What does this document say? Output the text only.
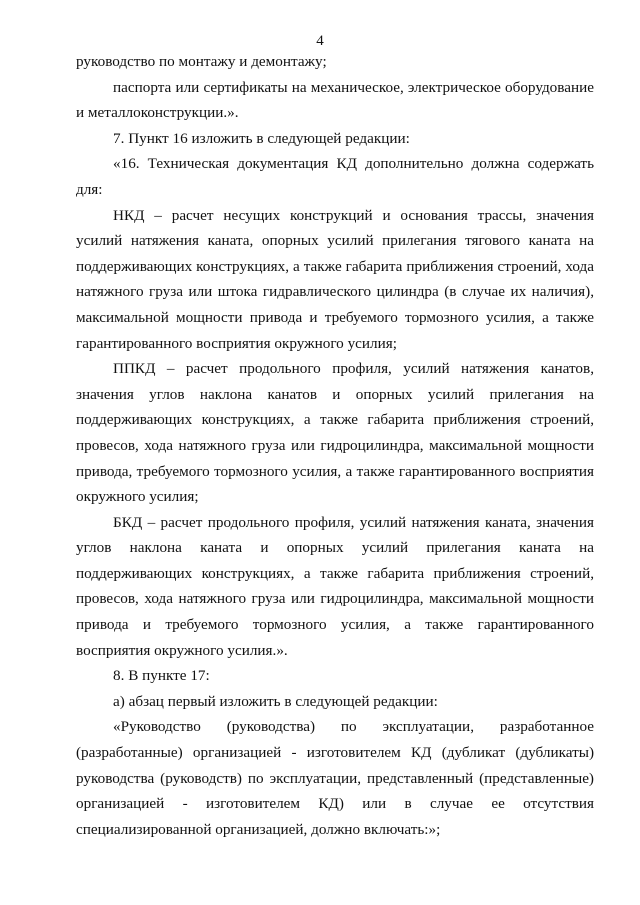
4

руководство по монтажу и демонтажу;

паспорта или сертификаты на механическое, электрическое оборудование и металлоконструкции.».

7. Пункт 16 изложить в следующей редакции:

«16. Техническая документация КД дополнительно должна содержать для:

НКД – расчет несущих конструкций и основания трассы, значения усилий натяжения каната, опорных усилий прилегания тягового каната на поддерживающих конструкциях, а также габарита приближения строений, хода натяжного груза или штока гидравлического цилиндра (в случае их наличия), максимальной мощности привода и требуемого тормозного усилия, а также гарантированного восприятия окружного усилия;

ППКД – расчет продольного профиля, усилий натяжения канатов, значения углов наклона канатов и опорных усилий прилегания на поддерживающих конструкциях, а также габарита приближения строений, провесов, хода натяжного груза или гидроцилиндра, максимальной мощности привода, требуемого тормозного усилия, а также гарантированного восприятия окружного усилия;

БКД – расчет продольного профиля, усилий натяжения каната, значения углов наклона каната и опорных усилий прилегания каната на поддерживающих конструкциях, а также габарита приближения строений, провесов, хода натяжного груза или гидроцилиндра, максимальной мощности привода и требуемого тормозного усилия, а также гарантированного восприятия окружного усилия.».

8. В пункте 17:

а) абзац первый изложить в следующей редакции:

«Руководство (руководства) по эксплуатации, разработанное (разработанные) организацией - изготовителем КД (дубликат (дубликаты) руководства (руководств) по эксплуатации, представленный (представленные) организацией - изготовителем КД) или в случае ее отсутствия специализированной организацией, должно включать:»;
